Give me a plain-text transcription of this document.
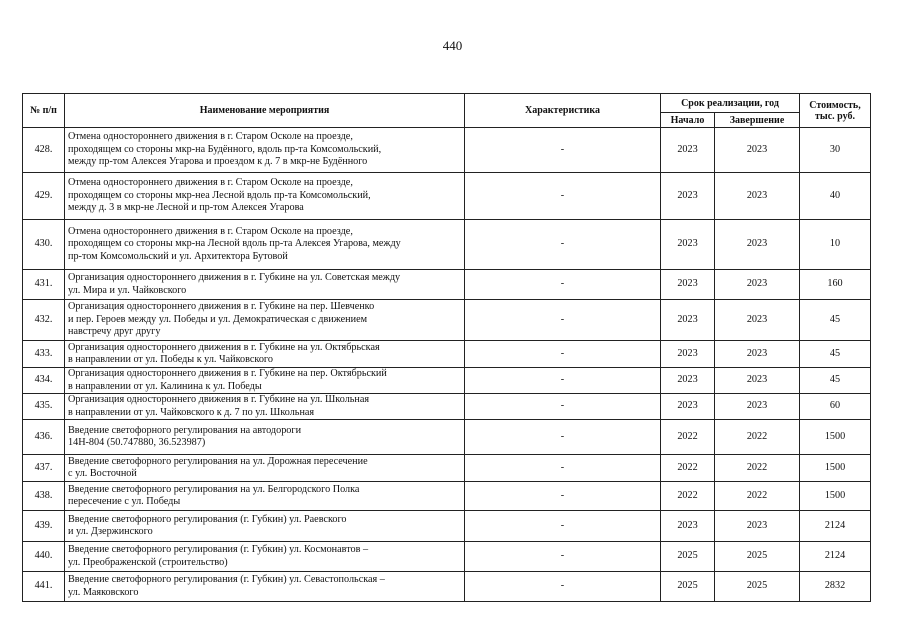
440
№ п/п	Наименование мероприятия	Характеристика	Срок реализации, год		Стоимость, тыс. руб.
			Начало	Завершение	
428.	Отмена одностороннего движения в г. Старом Осколе на проезде,
проходящем со стороны мкр-на Будённого, вдоль пр-та Комсомольский,
между пр-том Алексея Угарова и проездом к д. 7 в мкр-не Будённого	-	2023	2023	30
429.	Отмена одностороннего движения в г. Старом Осколе на проезде,
проходящем со стороны мкр-неа Лесной вдоль пр-та Комсомольский,
между д. 3 в мкр-не Лесной и пр-том Алексея Угарова	-	2023	2023	40
430.	Отмена одностороннего движения в г. Старом Осколе на проезде,
проходящем со стороны мкр-на Лесной вдоль пр-та Алексея Угарова, между
пр-том Комсомольский и ул. Архитектора Бутовой	-	2023	2023	10
431.	Организация одностороннего движения в г. Губкине на ул. Советская между
ул. Мира и ул. Чайковского	-	2023	2023	160
432.	Организация одностороннего движения в г. Губкине на пер. Шевченко
и пер. Героев между ул. Победы и ул. Демократическая с движением
навстречу друг другу	-	2023	2023	45
433.	Организация одностороннего движения в г. Губкине на ул. Октябрьская
в направлении от ул. Победы к ул. Чайковского	-	2023	2023	45
434.	Организация одностороннего движения в г. Губкине на пер. Октябрьский
в направлении от ул. Калинина к ул. Победы	-	2023	2023	45
435.	Организация одностороннего движения в г. Губкине на ул. Школьная
в направлении от ул. Чайковского к д. 7 по ул. Школьная	-	2023	2023	60
436.	Введение светофорного регулирования на автодороги
14Н-804 (50.747880, 36.523987)	-	2022	2022	1500
437.	Введение светофорного регулирования на ул. Дорожная пересечение
с ул. Восточной	-	2022	2022	1500
438.	Введение светофорного регулирования на ул. Белгородского Полка
пересечение с ул. Победы	-	2022	2022	1500
439.	Введение светофорного регулирования (г. Губкин) ул. Раевского
и ул. Дзержинского	-	2023	2023	2124
440.	Введение светофорного регулирования (г. Губкин) ул. Космонавтов –
ул. Преображенской (строительство)	-	2025	2025	2124
441.	Введение светофорного регулирования (г. Губкин) ул. Севастопольская –
ул. Маяковского	-	2025	2025	2832
